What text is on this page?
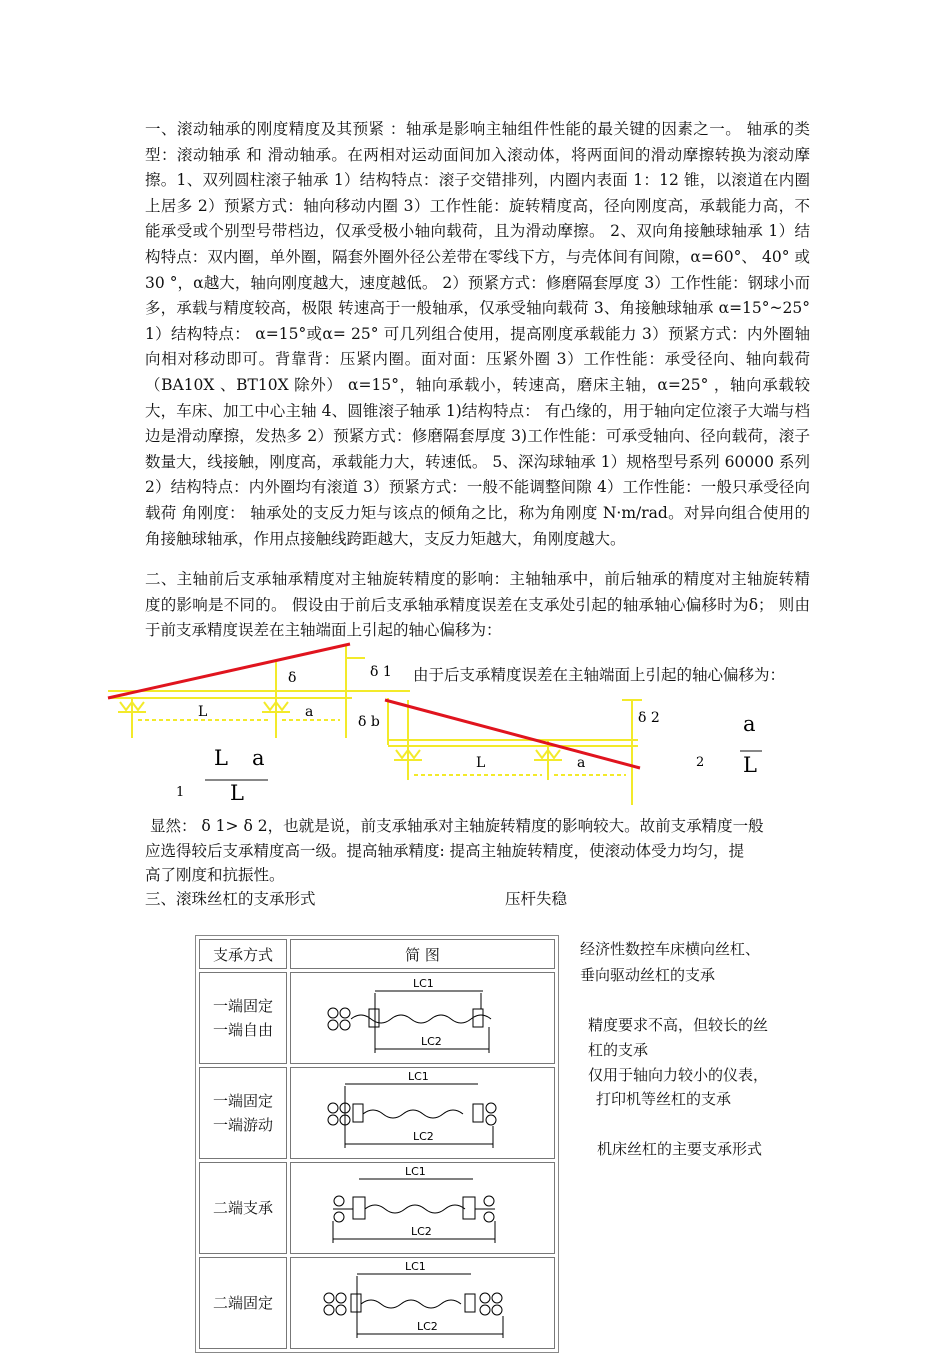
一、滚动轴承的刚度精度及其预紧 ：轴承是影响主轴组件性能的最关键的因素之一。 轴承的类型：滚动轴承 和 滑动轴承。在两相对运动面间加入滚动体，将两面间的滑动摩擦转换为滚动摩擦。1、双列圆柱滚子轴承 1）结构特点：滚子交错排列，内圈内表面 1：12 锥，以滚道在内圈上居多 2）预紧方式：轴向移动内圈 3）工作性能：旋转精度高，径向刚度高，承载能力高，不能承受或个别型号带档边，仅承受极小轴向载荷，且为滑动摩擦。 2、双向角接触球轴承 1）结构特点：双内圈，单外圈，隔套外圈外径公差带在零线下方，与壳体间有间隙，α=60°、 40° 或 30 °，α越大，轴向刚度越大，速度越低。 2）预紧方式：修磨隔套厚度 3）工作性能：钢球小而多，承载与精度较高，极限 转速高于一般轴承，仅承受轴向载荷 3、角接触球轴承 α=15°~25° 1）结构特点： α=15°或α= 25° 可几列组合使用，提高刚度承载能力 3）预紧方式：内外圈轴向相对移动即可。背靠背：压紧内圈。面对面：压紧外圈 3）工作性能：承受径向、轴向载荷（BA10X 、BT10X 除外） α=15°，轴向承载小，转速高，磨床主轴，α=25° ，轴向承载较大，车床、加工中心主轴 4、圆锥滚子轴承 1)结构特点： 有凸缘的，用于轴向定位滚子大端与档边是滑动摩擦，发热多 2）预紧方式：修磨隔套厚度 3)工作性能：可承受轴向、径向载荷，滚子数量大，线接触，刚度高，承载能力大，转速低。 5、深沟球轴承 1）规格型号系列 60000 系列 2）结构特点：内外圈均有滚道 3）预紧方式：一般不能调整间隙 4）工作性能：一般只承受径向载荷 角刚度： 轴承处的支反力矩与该点的倾角之比，称为角刚度 N·m/rad。对异向组合使用的角接触球轴承，作用点接触线跨距越大，支反力矩越大，角刚度越大。

二、主轴前后支承轴承精度对主轴旋转精度的影响：主轴轴承中，前后轴承的精度对主轴旋转精度的影响是不同的。 假设由于前后支承轴承精度误差在支承处引起的轴承轴心偏移时为δ； 则由于前支承精度误差在主轴端面上引起的轴心偏移为：

δ	δ 1
L	a
δ b	δ 2
L	a
1
L a
L
2
a
L
由于后支承精度误差在主轴端面上引起的轴心偏移为：
显然： δ 1> δ 2，也就是说，前支承轴承对主轴旋转精度的影响较大。故前支承精度一般
应选得较后支承精度高一级。提高轴承精度: 提高主轴旋转精度，使滚动体受力均匀，提
高了刚度和抗振性。
三、滚珠丝杠的支承形式	压杆失稳
支承方式	简 图
一端固定
一端自由	LC1
LC2

一端固定
一端游动	LC1
LC2

二端支承	LC1
LC2

二端固定	LC1
LC2
经济性数控车床横向丝杠、
垂向驱动丝杠的支承
精度要求不高，但较长的丝
杠的支承
仅用于轴向力较小的仪表，
打印机等丝杠的支承
机床丝杠的主要支承形式
